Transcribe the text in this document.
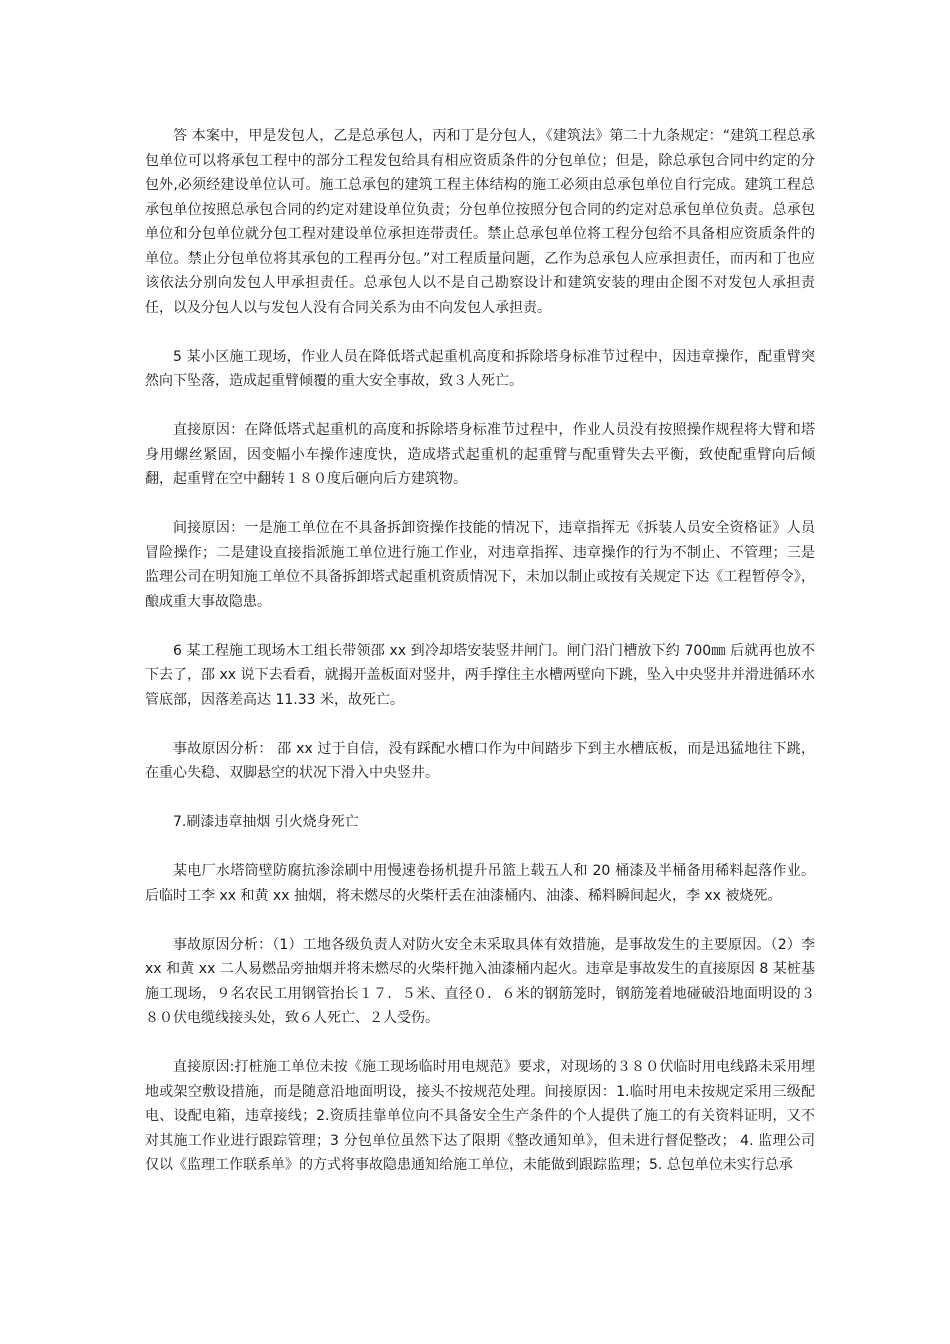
答 本案中，甲是发包人，乙是总承包人，丙和丁是分包人，《建筑法》第二十九条规定：“建筑工程总承包单位可以将承包工程中的部分工程发包给具有相应资质条件的分包单位；但是，除总承包合同中约定的分包外,必须经建设单位认可。施工总承包的建筑工程主体结构的施工必须由总承包单位自行完成。建筑工程总承包单位按照总承包合同的约定对建设单位负责；分包单位按照分包合同的约定对总承包单位负责。总承包单位和分包单位就分包工程对建设单位承担连带责任。禁止总承包单位将工程分包给不具备相应资质条件的单位。禁止分包单位将其承包的工程再分包。”对工程质量问题，乙作为总承包人应承担责任，而丙和丁也应该依法分别向发包人甲承担责任。总承包人以不是自己勘察设计和建筑安装的理由企图不对发包人承担责任，以及分包人以与发包人没有合同关系为由不向发包人承担责。

5 某小区施工现场，作业人员在降低塔式起重机高度和拆除塔身标准节过程中，因违章操作，配重臂突然向下坠落，造成起重臂倾覆的重大安全事故，致３人死亡。

直接原因：在降低塔式起重机的高度和拆除塔身标准节过程中，作业人员没有按照操作规程将大臂和塔身用螺丝紧固，因变幅小车操作速度快，造成塔式起重机的起重臂与配重臂失去平衡，致使配重臂向后倾翻，起重臂在空中翻转１８０度后砸向后方建筑物。

间接原因：一是施工单位在不具备拆卸资操作技能的情况下，违章指挥无《拆装人员安全资格证》人员冒险操作；二是建设直接指派施工单位进行施工作业，对违章指挥、违章操作的行为不制止、不管理；三是监理公司在明知施工单位不具备拆卸塔式起重机资质情况下，未加以制止或按有关规定下达《工程暂停令》，酿成重大事故隐患。

6 某工程施工现场木工组长带领邵 xx 到冷却塔安装竖井闸门。闸门沿门槽放下约 700㎜ 后就再也放不下去了，邵 xx 说下去看看，就揭开盖板面对竖井，两手撑住主水槽两壁向下跳，坠入中央竖井并滑进循环水管底部，因落差高达 11.33 米，故死亡。

事故原因分析： 邵 xx 过于自信，没有踩配水槽口作为中间踏步下到主水槽底板，而是迅猛地往下跳，在重心失稳、双脚悬空的状况下滑入中央竖井。

7.刷漆违章抽烟 引火烧身死亡

某电厂水塔筒壁防腐抗渗涂刷中用慢速卷扬机提升吊篮上载五人和 20 桶漆及半桶备用稀料起落作业。后临时工李 xx 和黄 xx 抽烟，将未燃尽的火柴杆丢在油漆桶内、油漆、稀料瞬间起火，李 xx 被烧死。

事故原因分析：（1）工地各级负责人对防火安全未采取具体有效措施，是事故发生的主要原因。（2）李 xx 和黄 xx 二人易燃品旁抽烟并将未燃尽的火柴杆抛入油漆桶内起火。违章是事故发生的直接原因 8 某桩基施工现场，９名农民工用钢管抬长１７．５米、直径０．６米的钢筋笼时，钢筋笼着地碰破沿地面明设的３８０伏电缆线接头处，致６人死亡、２人受伤。

直接原因:打桩施工单位未按《施工现场临时用电规范》要求，对现场的３８０伏临时用电线路未采用埋地或架空敷设措施，而是随意沿地面明设，接头不按规范处理。间接原因：1.临时用电未按规定采用三级配电、设配电箱，违章接线；2.资质挂靠单位向不具备安全生产条件的个人提供了施工的有关资料证明，又不对其施工作业进行跟踪管理；3 分包单位虽然下达了限期《整改通知单》，但未进行督促整改； 4. 监理公司仅以《监理工作联系单》的方式将事故隐患通知给施工单位，未能做到跟踪监理；5. 总包单位未实行总承
